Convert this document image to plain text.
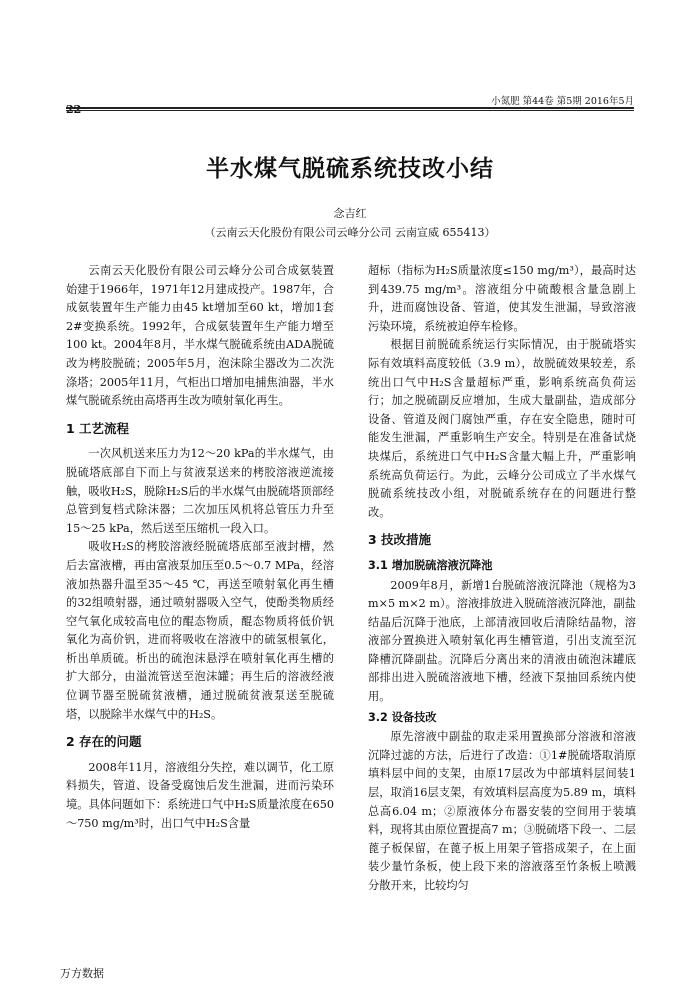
22
小氮肥 第44卷 第5期 2016年5月
半水煤气脱硫系统技改小结
念吉红
（云南云天化股份有限公司云峰分公司 云南宣威 655413）

云南云天化股份有限公司云峰分公司合成氨装置始建于1966年，1971年12月建成投产。1987年，合成氨装置年生产能力由45 kt增加至60 kt，增加1套2#变换系统。1992年，合成氨装置年生产能力增至100 kt。2004年8月，半水煤气脱硫系统由ADA脱硫改为栲胶脱硫；2005年5月，泡沫除尘器改为二次洗涤塔；2005年11月，气柜出口增加电捕焦油器，半水煤气脱硫系统由高塔再生改为喷射氧化再生。

1 工艺流程

一次风机送来压力为12～20 kPa的半水煤气，由脱硫塔底部自下而上与贫液泵送来的栲胶溶液逆流接触，吸收H₂S，脱除H₂S后的半水煤气由脱硫塔顶部经总管到复档式除沫器；二次加压风机将总管压力升至15～25 kPa，然后送至压缩机一段入口。

吸收H₂S的栲胶溶液经脱硫塔底部至液封槽，然后去富液槽，再由富液泵加压至0.5～0.7 MPa，经溶液加热器升温至35～45 ℃，再送至喷射氧化再生槽的32组喷射器，通过喷射器吸入空气，使酚类物质经空气氧化成较高电位的醌态物质，醌态物质将低价钒氧化为高价钒，进而将吸收在溶液中的硫氢根氧化，析出单质硫。析出的硫泡沫悬浮在喷射氧化再生槽的扩大部分，由溢流管送至泡沫罐；再生后的溶液经液位调节器至脱硫贫液槽，通过脱硫贫液泵送至脱硫塔，以脱除半水煤气中的H₂S。

2 存在的问题

2008年11月，溶液组分失控，难以调节，化工原料损失，管道、设备受腐蚀后发生泄漏，进而污染环境。具体问题如下：系统进口气中H₂S质量浓度在650～750 mg/m³时，出口气中H₂S含量

超标（指标为H₂S质量浓度≤150 mg/m³），最高时达到439.75 mg/m³。溶液组分中硫酸根含量急剧上升，进而腐蚀设备、管道，使其发生泄漏，导致溶液污染环境，系统被迫停车检修。

根据目前脱硫系统运行实际情况，由于脱硫塔实际有效填料高度较低（3.9 m），故脱硫效果较差，系统出口气中H₂S含量超标严重，影响系统高负荷运行；加之脱硫副反应增加，生成大量副盐，造成部分设备、管道及阀门腐蚀严重，存在安全隐患，随时可能发生泄漏，严重影响生产安全。特别是在准备试烧块煤后，系统进口气中H₂S含量大幅上升，严重影响系统高负荷运行。为此，云峰分公司成立了半水煤气脱硫系统技改小组，对脱硫系统存在的问题进行整改。

3 技改措施
3.1 增加脱硫溶液沉降池

2009年8月，新增1台脱硫溶液沉降池（规格为3 m×5 m×2 m）。溶液排放进入脱硫溶液沉降池，副盐结晶后沉降于池底，上部清液回收后清除结晶物，溶液部分置换进入喷射氧化再生槽管道，引出支流至沉降槽沉降副盐。沉降后分离出来的清液由硫泡沫罐底部排出进入脱硫溶液地下槽，经液下泵抽回系统内使用。

3.2 设备技改

原先溶液中副盐的取走采用置换部分溶液和溶液沉降过滤的方法，后进行了改造：①1#脱硫塔取消原填料层中间的支架，由原17层改为中部填料层间装1层，取消16层支架，有效填料层高度为5.89 m，填料总高6.04 m；②原液体分布器安装的空间用于装填料，现将其由原位置提高7 m；③脱硫塔下段一、二层蓖子板保留，在蓖子板上用架子管搭成架子，在上面装少量竹条板，使上段下来的溶液落至竹条板上喷溅分散开来，比较均匀

万方数据
